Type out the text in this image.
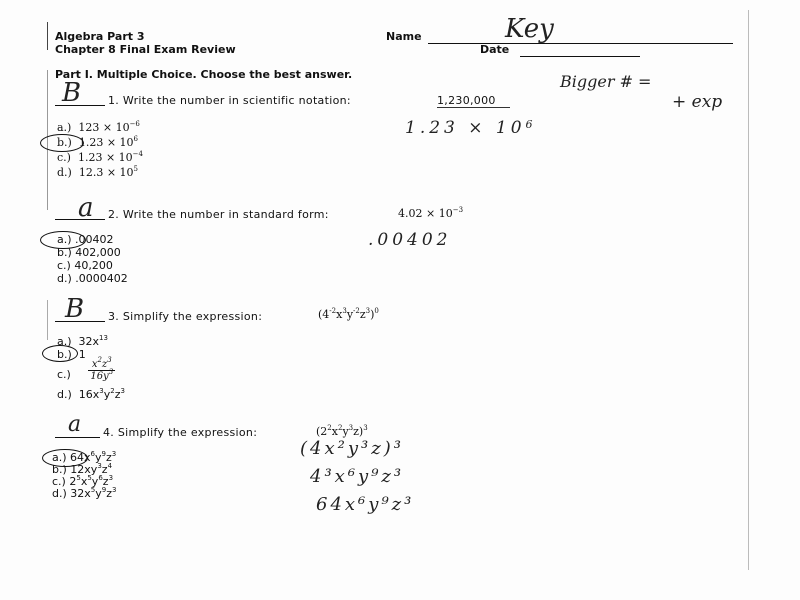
Algebra Part 3
Chapter 8 Final Exam Review
Name	Key
Date
Part I. Multiple Choice. Choose the best answer.	Bigger # =
+ exp
B 1. Write the number in scientific notation:	1,230,000
a.) $123 \times 10^{-6}$
b.) $1.23 \times 10^6$
c.) $1.23 \times 10^{-4}$
d.) $12.3 \times 10^5$
$1.23 \times 10^6$
a 2. Write the number in standard form:	$4.02 \times 10^{-3}$
.00402
a.) .00402
b.) 402,000
c.) 40,200
d.) .0000402
B 3. Simplify the expression:	$(4^{-2}x^3y^{-2}z^3)^0$
a.) $32x^{13}$
b.) 1
$c.) \frac{x^2z^3}{16y^3}$
d.) $16x^3y^2z^3$
a 4. Simplify the expression:	$(2^2x^2y^3z)^3$
a.) $64x^6y^9z^3$
b.) $12xy^3z^4$
c.) $2^5x^5y^6z^3$
d.) $32x^5y^9z^3$
(4x²y³z)³
4³x⁶y⁹z³
64x⁶y⁹z³
